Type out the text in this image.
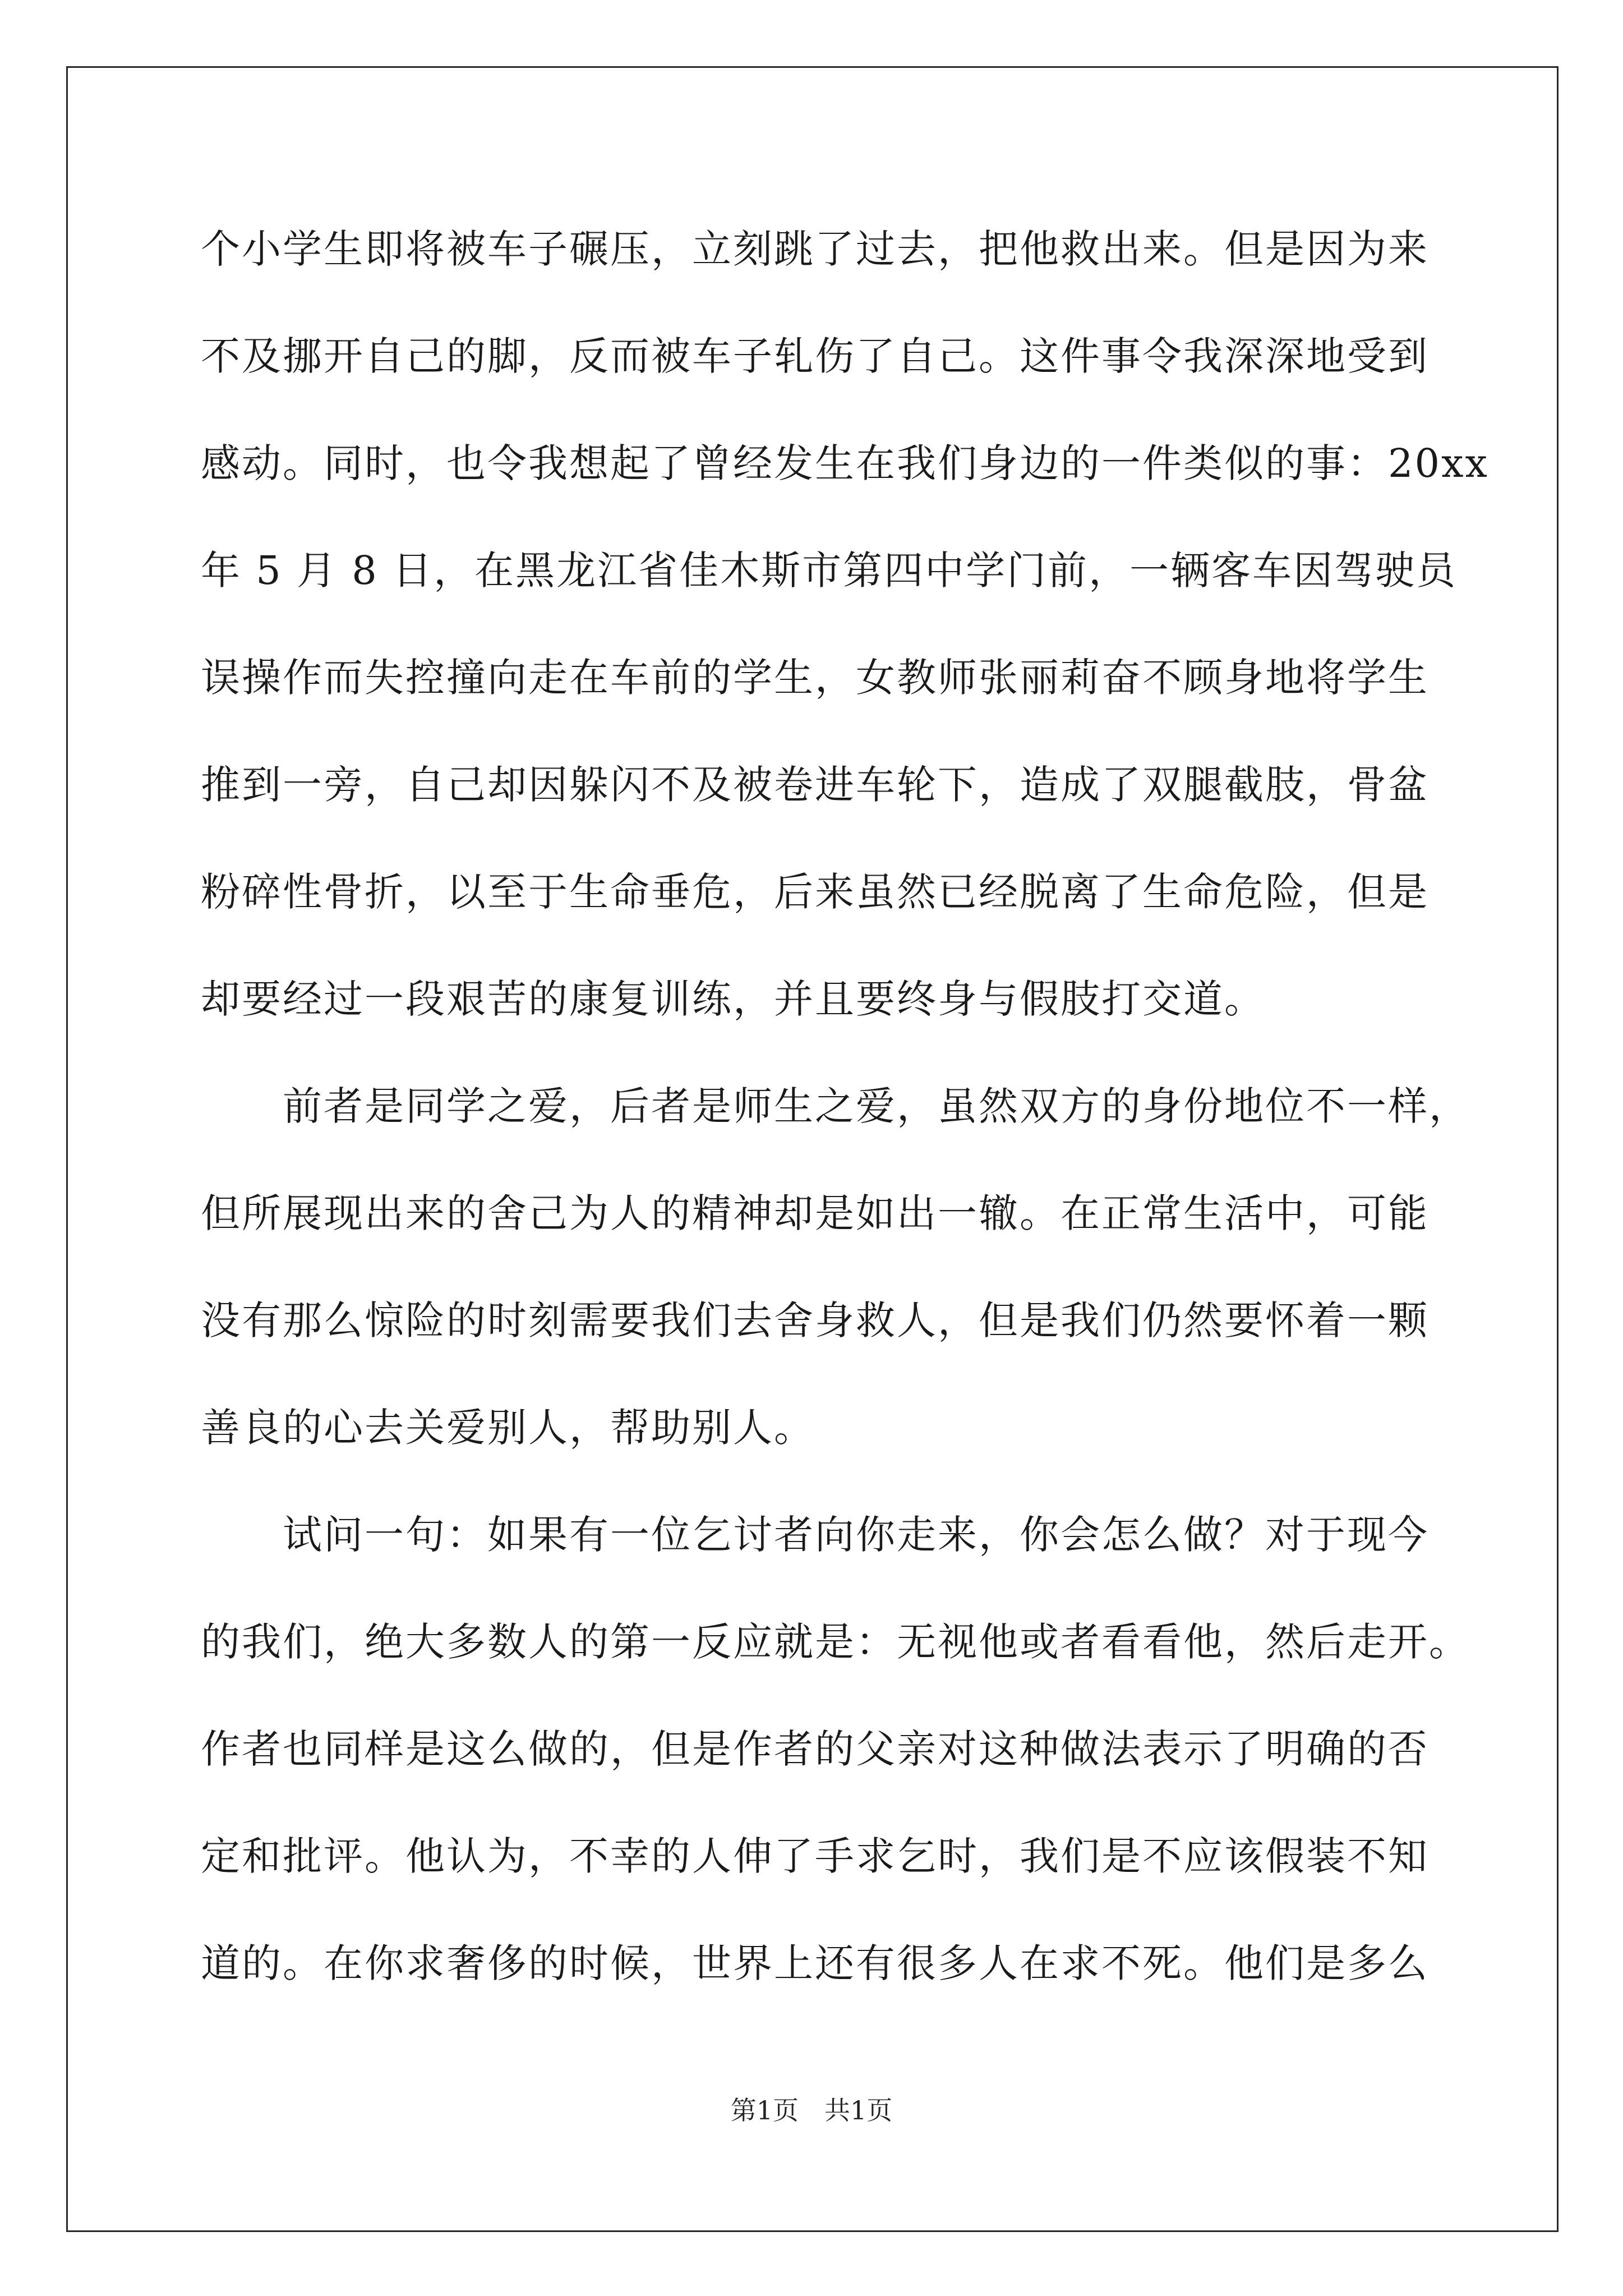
个小学生即将被车子碾压，立刻跳了过去，把他救出来。但是因为来
不及挪开自己的脚，反而被车子轧伤了自己。这件事令我深深地受到
感动。同时，也令我想起了曾经发生在我们身边的一件类似的事：20xx
年 5 月 8 日，在黑龙江省佳木斯市第四中学门前，一辆客车因驾驶员
误操作而失控撞向走在车前的学生，女教师张丽莉奋不顾身地将学生
推到一旁，自己却因躲闪不及被卷进车轮下，造成了双腿截肢，骨盆
粉碎性骨折，以至于生命垂危，后来虽然已经脱离了生命危险，但是
却要经过一段艰苦的康复训练，并且要终身与假肢打交道。
前者是同学之爱，后者是师生之爱，虽然双方的身份地位不一样，
但所展现出来的舍己为人的精神却是如出一辙。在正常生活中，可能
没有那么惊险的时刻需要我们去舍身救人，但是我们仍然要怀着一颗
善良的心去关爱别人，帮助别人。
试问一句：如果有一位乞讨者向你走来，你会怎么做？对于现今
的我们，绝大多数人的第一反应就是：无视他或者看看他，然后走开。
作者也同样是这么做的，但是作者的父亲对这种做法表示了明确的否
定和批评。他认为，不幸的人伸了手求乞时，我们是不应该假装不知
道的。在你求奢侈的时候，世界上还有很多人在求不死。他们是多么
第1页　共1页
